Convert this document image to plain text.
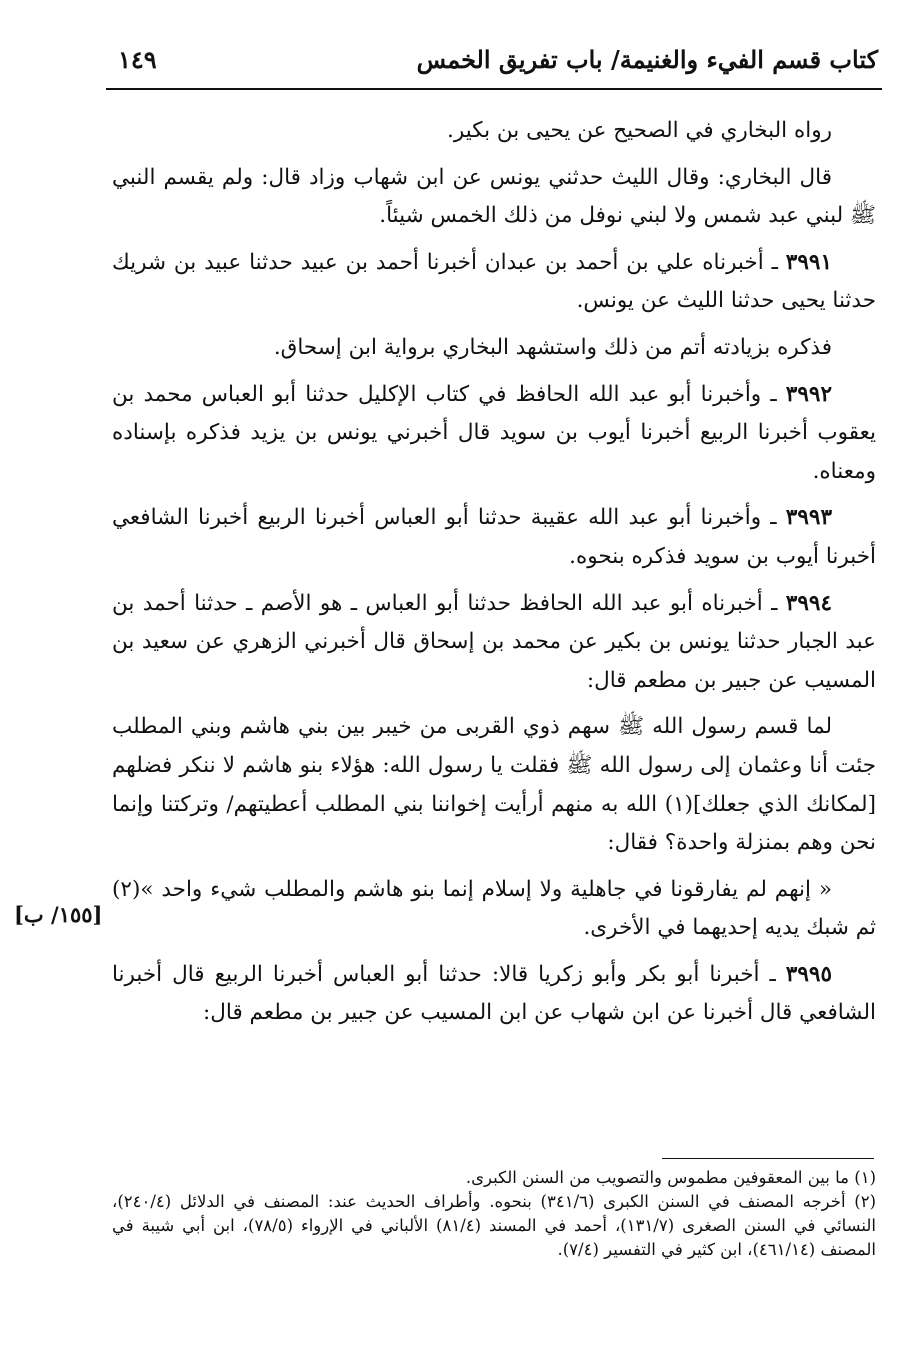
كتاب قسم الفيء والغنيمة/ باب تفريق الخمس
١٤٩

رواه البخاري في الصحيح عن يحيى بن بكير.

قال البخاري: وقال الليث حدثني يونس عن ابن شهاب وزاد قال: ولم يقسم النبي ﷺ لبني عبد شمس ولا لبني نوفل من ذلك الخمس شيئاً.

٣٩٩١ ـ أخبرناه علي بن أحمد بن عبدان أخبرنا أحمد بن عبيد حدثنا عبيد بن شريك حدثنا يحيى حدثنا الليث عن يونس.

فذكره بزيادته أتم من ذلك واستشهد البخاري برواية ابن إسحاق.

٣٩٩٢ ـ وأخبرنا أبو عبد الله الحافظ في كتاب الإكليل حدثنا أبو العباس محمد بن يعقوب أخبرنا الربيع أخبرنا أيوب بن سويد قال أخبرني يونس بن يزيد فذكره بإسناده ومعناه.

٣٩٩٣ ـ وأخبرنا أبو عبد الله عقيبة حدثنا أبو العباس أخبرنا الربيع أخبرنا الشافعي أخبرنا أيوب بن سويد فذكره بنحوه.

٣٩٩٤ ـ أخبرناه أبو عبد الله الحافظ حدثنا أبو العباس ـ هو الأصم ـ حدثنا أحمد بن عبد الجبار حدثنا يونس بن بكير عن محمد بن إسحاق قال أخبرني الزهري عن سعيد بن المسيب عن جبير بن مطعم قال:

لما قسم رسول الله ﷺ سهم ذوي القربى من خيبر بين بني هاشم وبني المطلب جئت أنا وعثمان إلى رسول الله ﷺ فقلت يا رسول الله: هؤلاء بنو هاشم لا ننكر فضلهم [لمكانك الذي جعلك](١) الله به منهم أرأيت إخواننا بني المطلب أعطيتهم/ وتركتنا وإنما نحن وهم بمنزلة واحدة؟ فقال:

« إنهم لم يفارقونا في جاهلية ولا إسلام إنما بنو هاشم والمطلب شيء واحد »(٢) ثم شبك يديه إحديهما في الأخرى.

٣٩٩٥ ـ أخبرنا أبو بكر وأبو زكريا قالا: حدثنا أبو العباس أخبرنا الربيع قال أخبرنا الشافعي قال أخبرنا عن ابن شهاب عن ابن المسيب عن جبير بن مطعم قال:

[١٥٥/ ب]

(١) ما بين المعقوفين مطموس والتصويب من السنن الكبرى.

(٢) أخرجه المصنف في السنن الكبرى (٣٤١/٦) بنحوه. وأطراف الحديث عند: المصنف في الدلائل (٢٤٠/٤)، النسائي في السنن الصغرى (١٣١/٧)، أحمد في المسند (٨١/٤) الألباني في الإرواء (٧٨/٥)، ابن أبي شيبة في المصنف (٤٦١/١٤)، ابن كثير في التفسير (٧/٤).
